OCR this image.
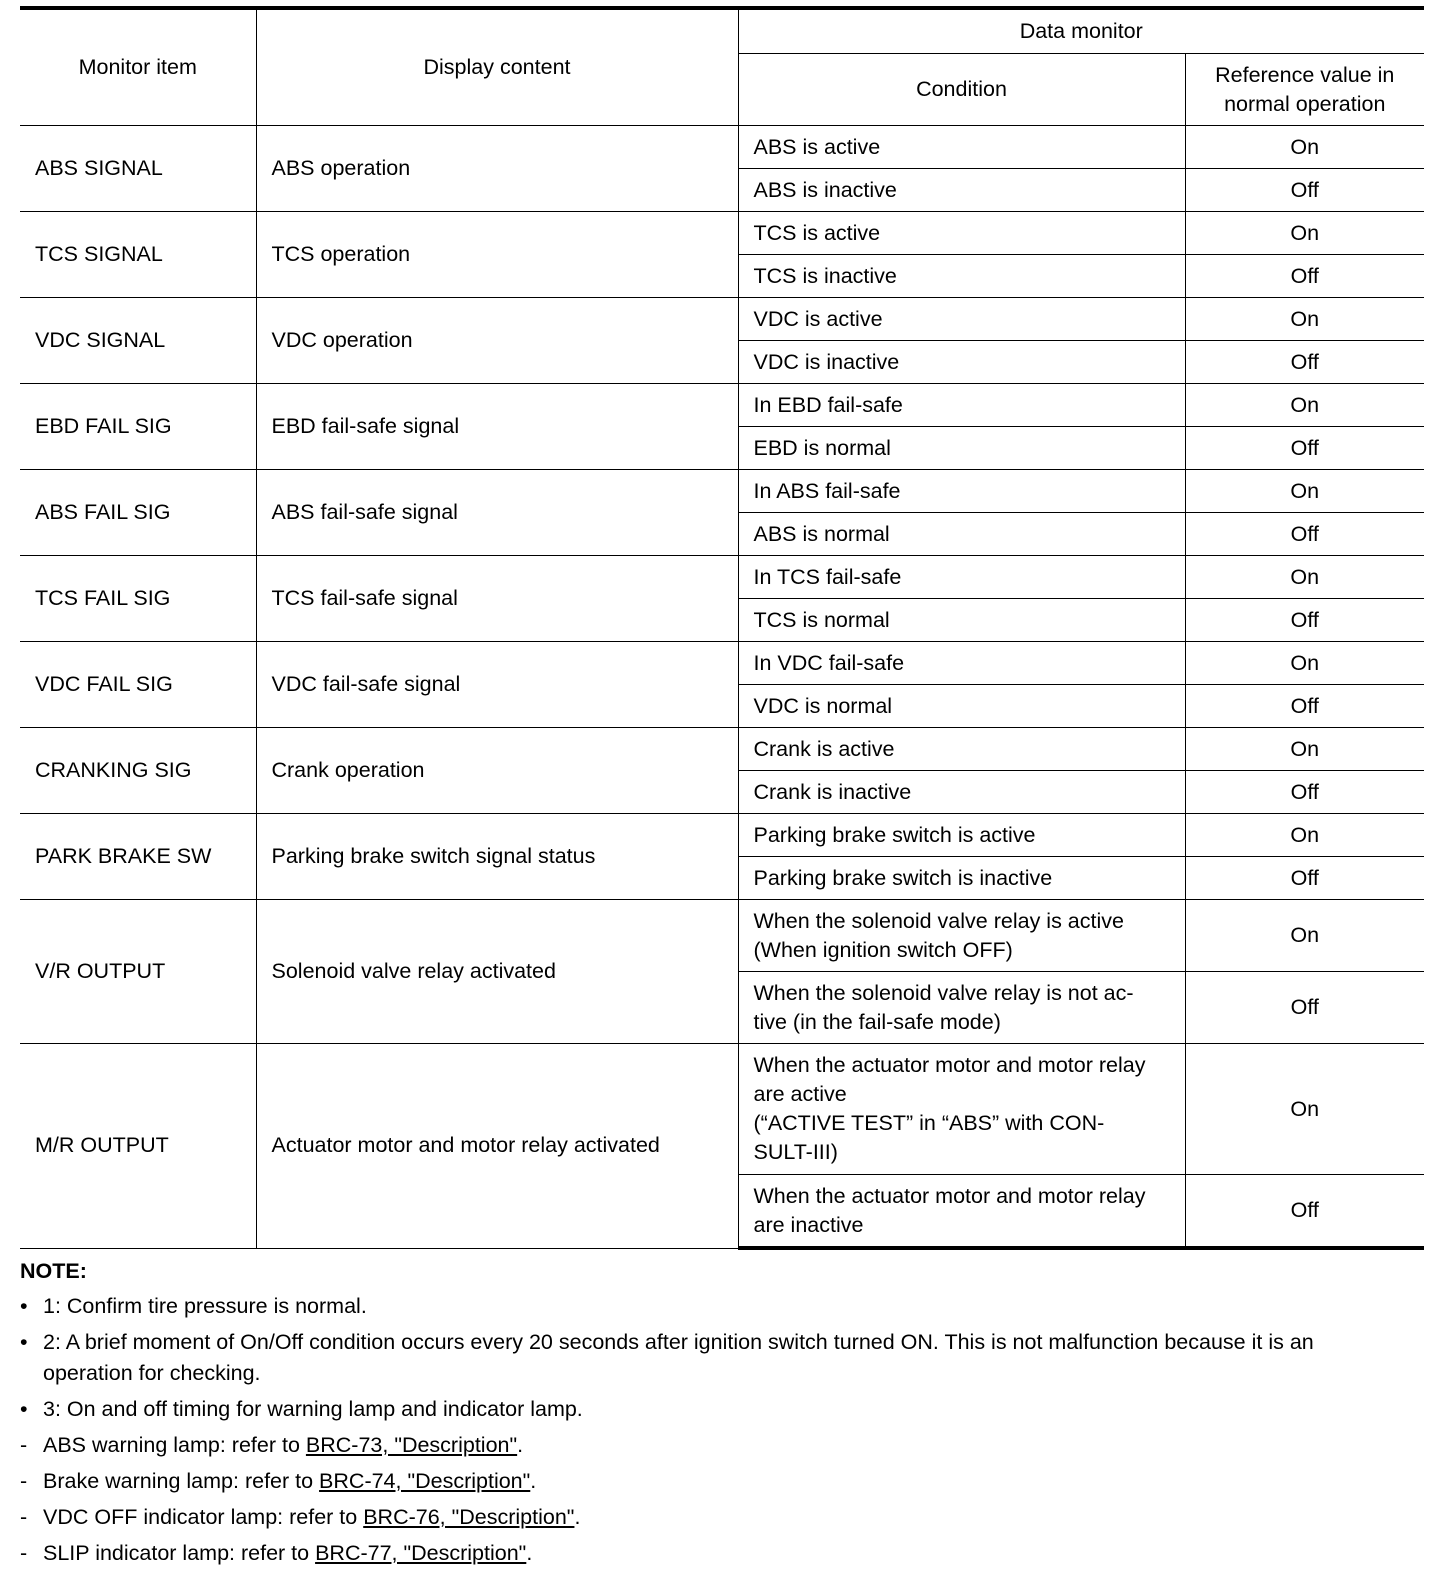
Monitor item	Display content	Data monitor	
		Condition	Reference value in normal operation
ABS SIGNAL	ABS operation	ABS is active	On
		ABS is inactive	Off
TCS SIGNAL	TCS operation	TCS is active	On
		TCS is inactive	Off
VDC SIGNAL	VDC operation	VDC is active	On
		VDC is inactive	Off
EBD FAIL SIG	EBD fail-safe signal	In EBD fail-safe	On
		EBD is normal	Off
ABS FAIL SIG	ABS fail-safe signal	In ABS fail-safe	On
		ABS is normal	Off
TCS FAIL SIG	TCS fail-safe signal	In TCS fail-safe	On
		TCS is normal	Off
VDC FAIL SIG	VDC fail-safe signal	In VDC fail-safe	On
		VDC is normal	Off
CRANKING SIG	Crank operation	Crank is active	On
		Crank is inactive	Off
PARK BRAKE SW	Parking brake switch signal status	Parking brake switch is active	On
		Parking brake switch is inactive	Off
V/R OUTPUT	Solenoid valve relay activated	When the solenoid valve relay is active
(When ignition switch OFF)	On

		When the solenoid valve relay is not ac-
tive (in the fail-safe mode)	Off
M/R OUTPUT	Actuator motor and motor relay activated	When the actuator motor and motor relay
are active
(“ACTIVE TEST” in “ABS” with CON-
SULT-III)	On

		When the actuator motor and motor relay
are inactive	Off
NOTE:
• 1: Confirm tire pressure is normal.
• 2: A brief moment of On/Off condition occurs every 20 seconds after ignition switch turned ON. This is not malfunction because it is an
operation for checking.
• 3: On and off timing for warning lamp and indicator lamp.
- ABS warning lamp: refer to BRC-73, "Description".
- Brake warning lamp: refer to BRC-74, "Description".
- VDC OFF indicator lamp: refer to BRC-76, "Description".
- SLIP indicator lamp: refer to BRC-77, "Description".
